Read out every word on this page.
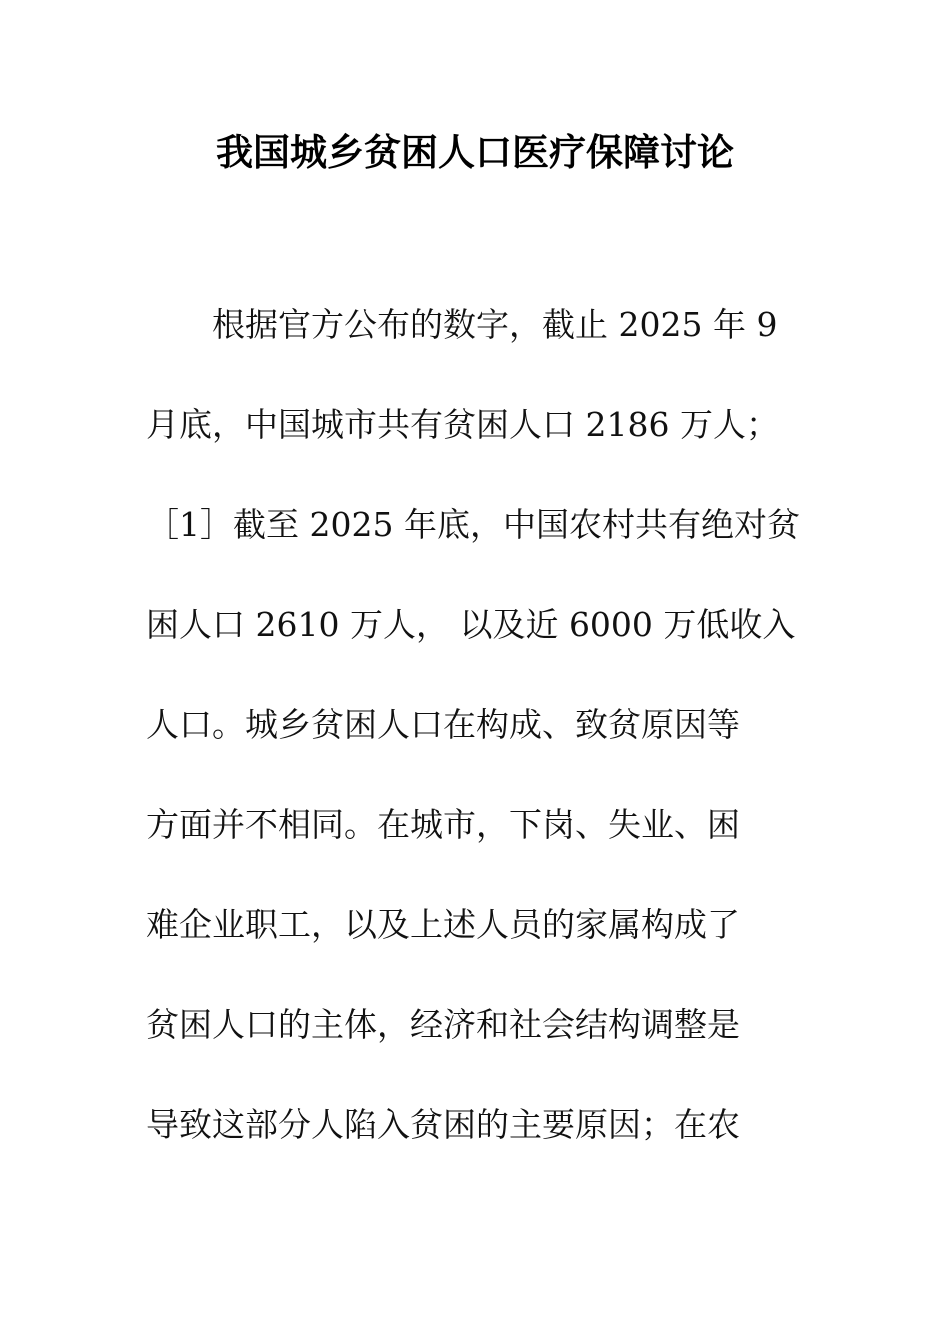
我国城乡贫困人口医疗保障讨论
　　根据官方公布的数字，截止 2025 年 9
月底，中国城市共有贫困人口 2186 万人；
［1］截至 2025 年底，中国农村共有绝对贫
困人口 2610 万人， 以及近 6000 万低收入
人口。城乡贫困人口在构成、致贫原因等
方面并不相同。在城市，下岗、失业、困
难企业职工，以及上述人员的家属构成了
贫困人口的主体，经济和社会结构调整是
导致这部分人陷入贫困的主要原因；在农
